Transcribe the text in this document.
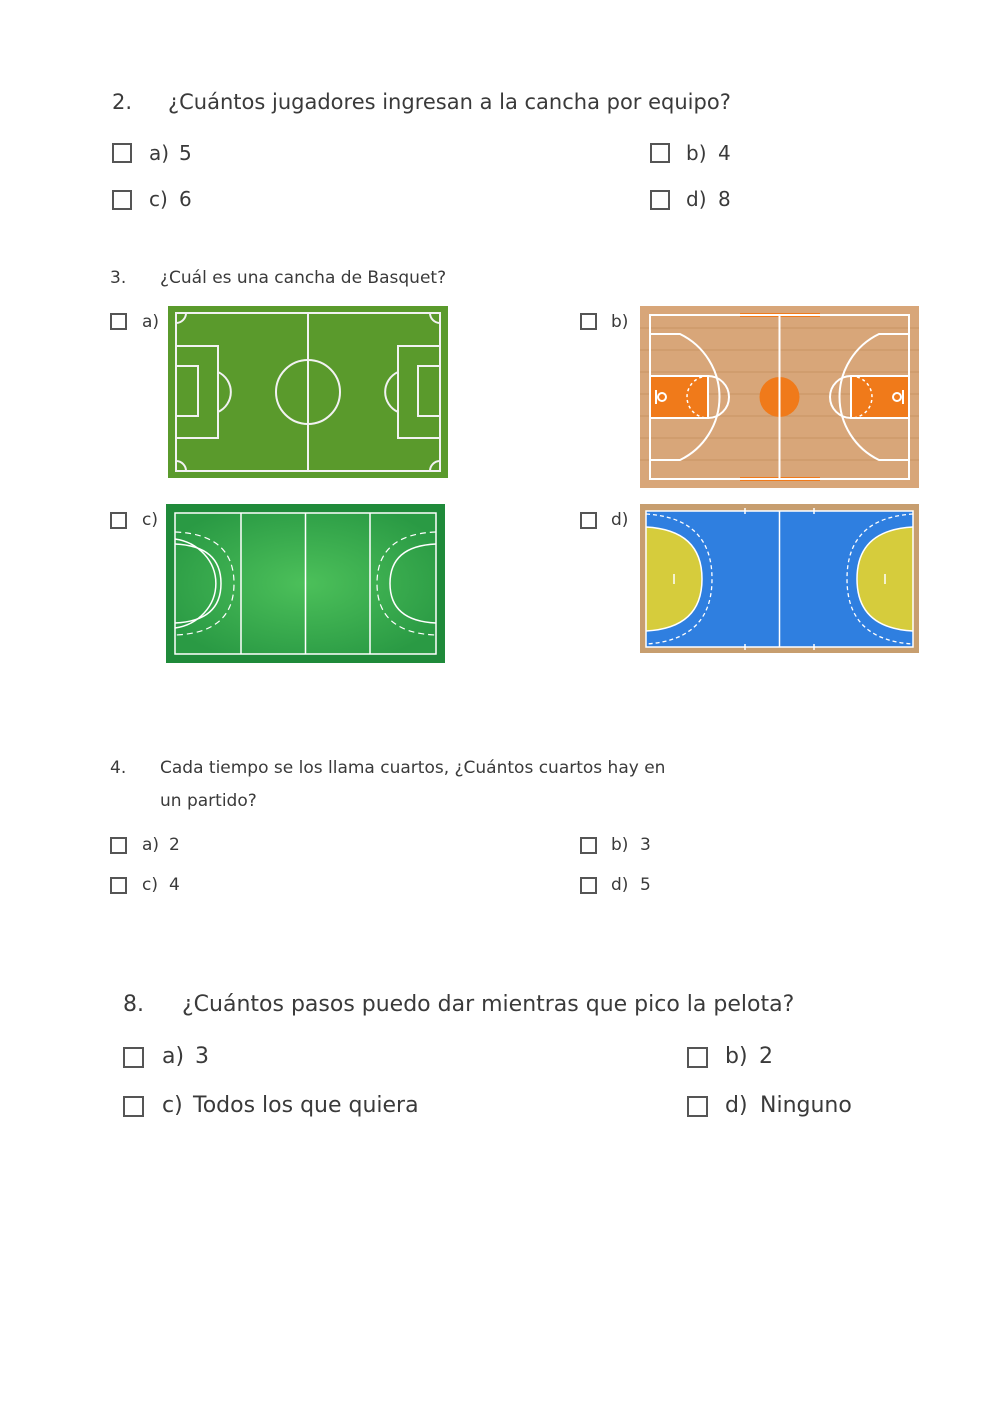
2. ¿Cuántos jugadores ingresan a la cancha por equipo?
a) 5	b) 4
c) 6	d) 8
3. ¿Cuál es una cancha de Basquet?
a)	b)
c)	d)
4. Cada tiempo se los llama cuartos, ¿Cuántos cuartos hay en
un partido?
a) 2	b) 3
c) 4	d) 5
8. ¿Cuántos pasos puedo dar mientras que pico la pelota?
a) 3	b) 2
c) Todos los que quiera	d) Ninguno
